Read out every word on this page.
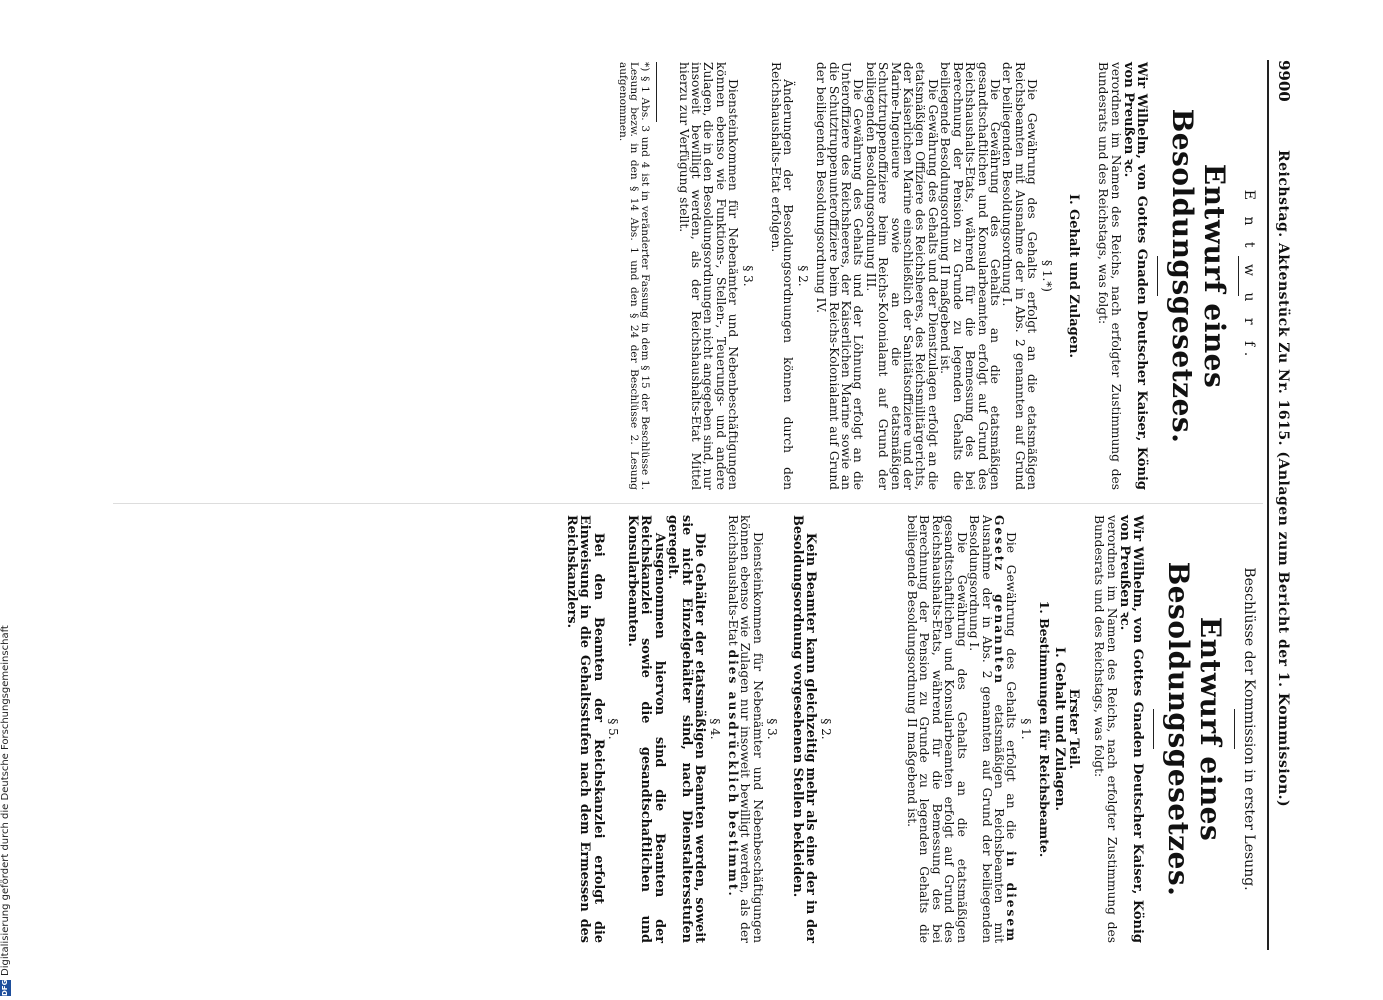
9900
Reichstag. Aktenstück Zu Nr. 1615. (Anlagen zum Bericht der 1. Kommission.)
E n t w u r f.
Entwurf eines Besoldungsgesetzes.

Wir Wilhelm, von Gottes Gnaden Deutscher Kaiser, König von Preußen ꝛc.

verordnen im Namen des Reichs, nach erfolgter Zustimmung des Bundesrats und des Reichstags, was folgt:

I. Gehalt und Zulagen.
§ 1.*)

Die Gewährung des Gehalts erfolgt an die etatsmäßigen Reichsbeamten mit Ausnahme der in Abs. 2 genannten auf Grund der beiliegenden Besoldungsordnung I.

Die Gewährung des Gehalts an die etatsmäßigen gesandtschaftlichen und Konsularbeamten erfolgt auf Grund des Reichshaushalts-Etats, während für die Bemessung des bei Berechnung der Pension zu Grunde zu legenden Gehalts die beiliegende Besoldungsordnung II maßgebend ist.

Die Gewährung des Gehalts und der Dienstzulagen erfolgt an die etatsmäßigen Offiziere des Reichsheeres, des Reichsmilitärgerichts, der Kaiserlichen Marine einschließlich der Sanitätsoffiziere und der Marine-Ingenieure sowie an die etatsmäßigen Schutztruppenoffiziere beim Reichs-Kolonialamt auf Grund der beiliegenden Besoldungsordnung III.

Die Gewährung des Gehalts und der Löhnung erfolgt an die Unteroffiziere des Reichsheeres, der Kaiserlichen Marine sowie an die Schutztruppenunteroffiziere beim Reichs-Kolonialamt auf Grund der beiliegenden Besoldungsordnung IV.

§ 2.

Änderungen der Besoldungsordnungen können durch den Reichshaushalts-Etat erfolgen.

§ 3.

Diensteinkommen für Nebenämter und Nebenbeschäftigungen können ebenso wie Funktions-, Stellen-, Teuerungs- und andere Zulagen, die in den Besoldungsordnungen nicht angegeben sind, nur insoweit bewilligt werden, als der Reichshaushalts-Etat Mittel hierzu zur Verfügung stellt.

*) § 1 Abs. 3 und 4 ist in veränderter Fassung in dem § 15 der Beschlüsse 1. Lesung bezw. in den § 14 Abs. 1 und den § 24 der Beschlüsse 2. Lesung aufgenommen.

Beschlüsse der Kommission in erster Lesung.
Entwurf eines Besoldungsgesetzes.

Wir Wilhelm, von Gottes Gnaden Deutscher Kaiser, König von Preußen ꝛc.

verordnen im Namen des Reichs, nach erfolgter Zustimmung des Bundesrats und des Reichstags, was folgt:

Erster Teil.
I. Gehalt und Zulagen.
1. Bestimmungen für Reichsbeamte.
§ 1.

Die Gewährung des Gehalts erfolgt an die in diesem Gesetz genannten etatsmäßigen Reichsbeamten mit Ausnahme der in Abs. 2 genannten auf Grund der beiliegenden Besoldungsordnung I.

Die Gewährung des Gehalts an die etatsmäßigen gesandtschaftlichen und Konsularbeamten erfolgt auf Grund des Reichshaushalts-Etats, während für die Bemessung des bei Berechnung der Pension zu Grunde zu legenden Gehalts die beiliegende Besoldungsordnung II maßgebend ist.

§ 2.

Kein Beamter kann gleichzeitig mehr als eine der in der Besoldungsordnung vorgesehenen Stellen bekleiden.

§ 3.

Diensteinkommen für Nebenämter und Nebenbeschäftigungen können ebenso wie Zulagen nur insoweit bewilligt werden, als der Reichshaushalts-Etat dies ausdrücklich bestimmt.

§ 4.

Die Gehälter der etatsmäßigen Beamten werden, soweit sie nicht Einzelgehälter sind, nach Dienstaltersstufen geregelt.

Ausgenommen hiervon sind die Beamten der Reichskanzlei sowie die gesandtschaftlichen und Konsularbeamten.

§ 5.

Bei den Beamten der Reichskanzlei erfolgt die Einweisung in die Gehaltsstufen nach dem Ermessen des Reichskanzlers.

DFG
Digitalisierung gefördert durch die Deutsche Forschungsgemeinschaft
